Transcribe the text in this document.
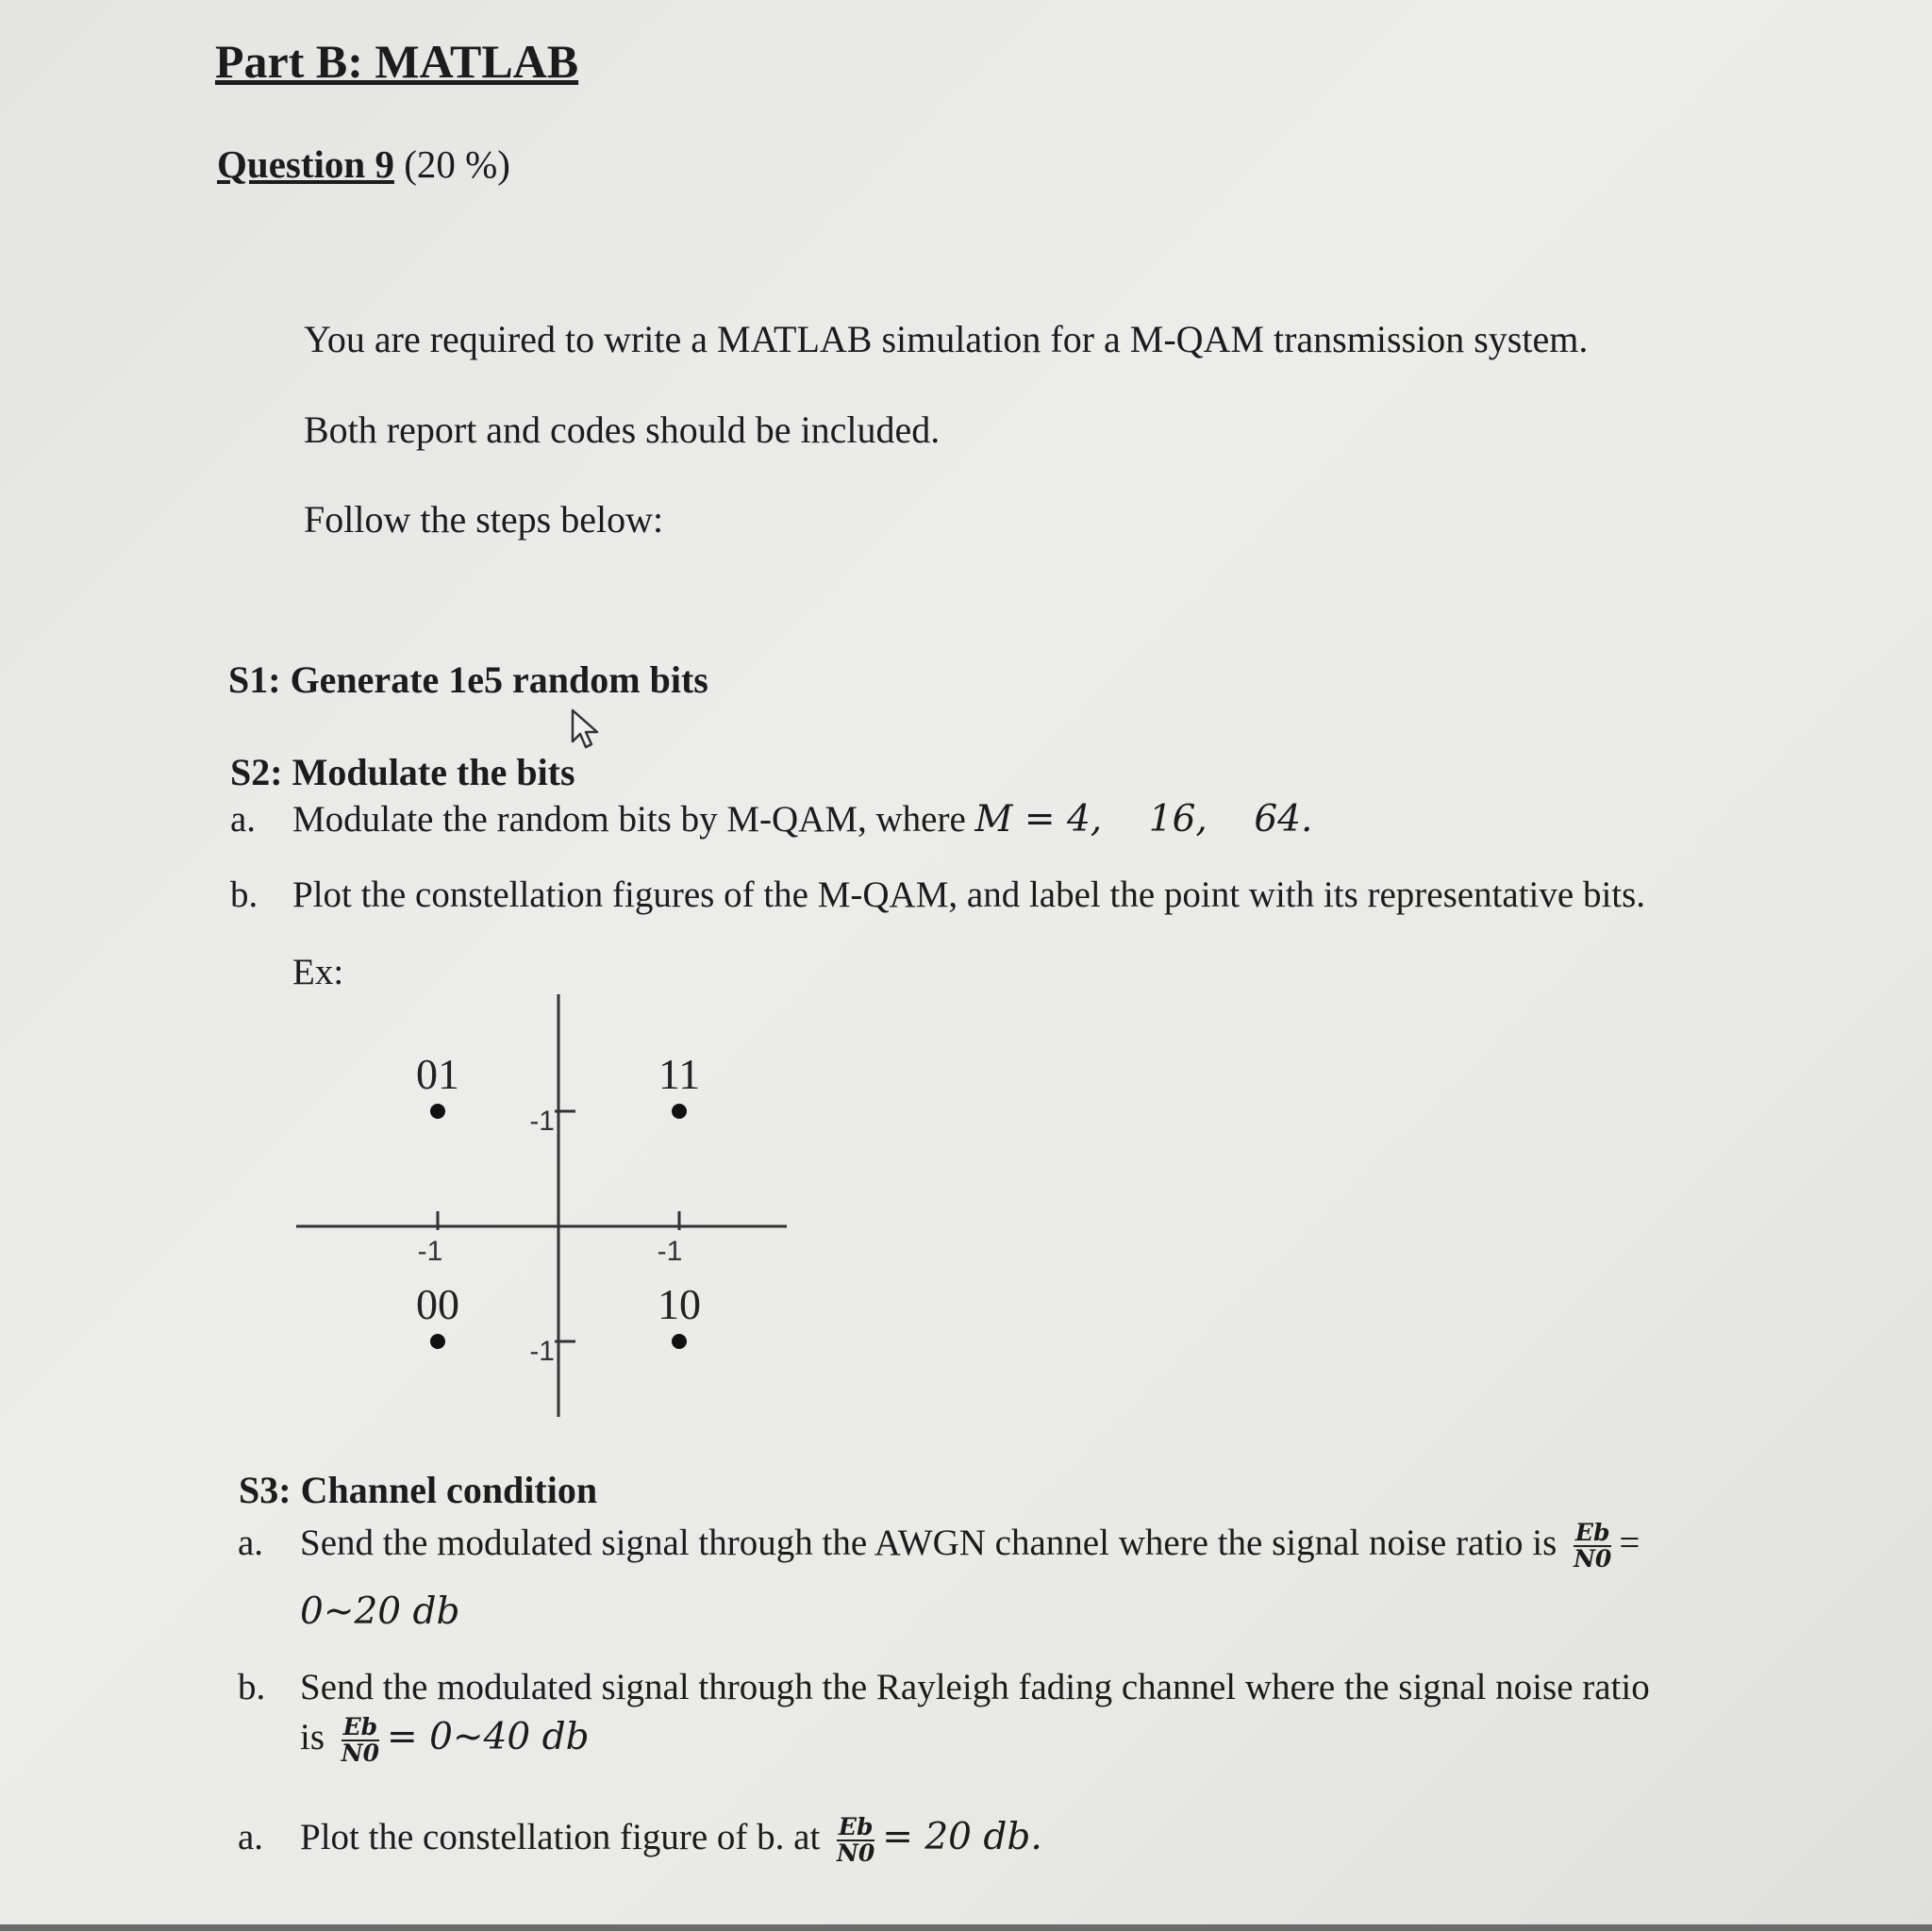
Part B: MATLAB
Question 9 (20 %)
You are required to write a MATLAB simulation for a M-QAM transmission system.
Both report and codes should be included.
Follow the steps below:
S1: Generate 1e5 random bits
S2: Modulate the bits
a. Modulate the random bits by M-QAM, where M = 4,    16,    64.
b. Plot the constellation figures of the M-QAM, and label the point with its representative bits.
Ex:
-1	-1
-1
-1
01	11
00	10
S3: Channel condition
a. Send the modulated signal through the AWGN channel where the signal noise ratio is $\frac{Eb}{N0}$ =
0~20 db
b. Send the modulated signal through the Rayleigh fading channel where the signal noise ratio
is $\frac{Eb}{N0}$ = 0~40 db
a. Plot the constellation figure of b. at $\frac{Eb}{N0} = 20$ db.
